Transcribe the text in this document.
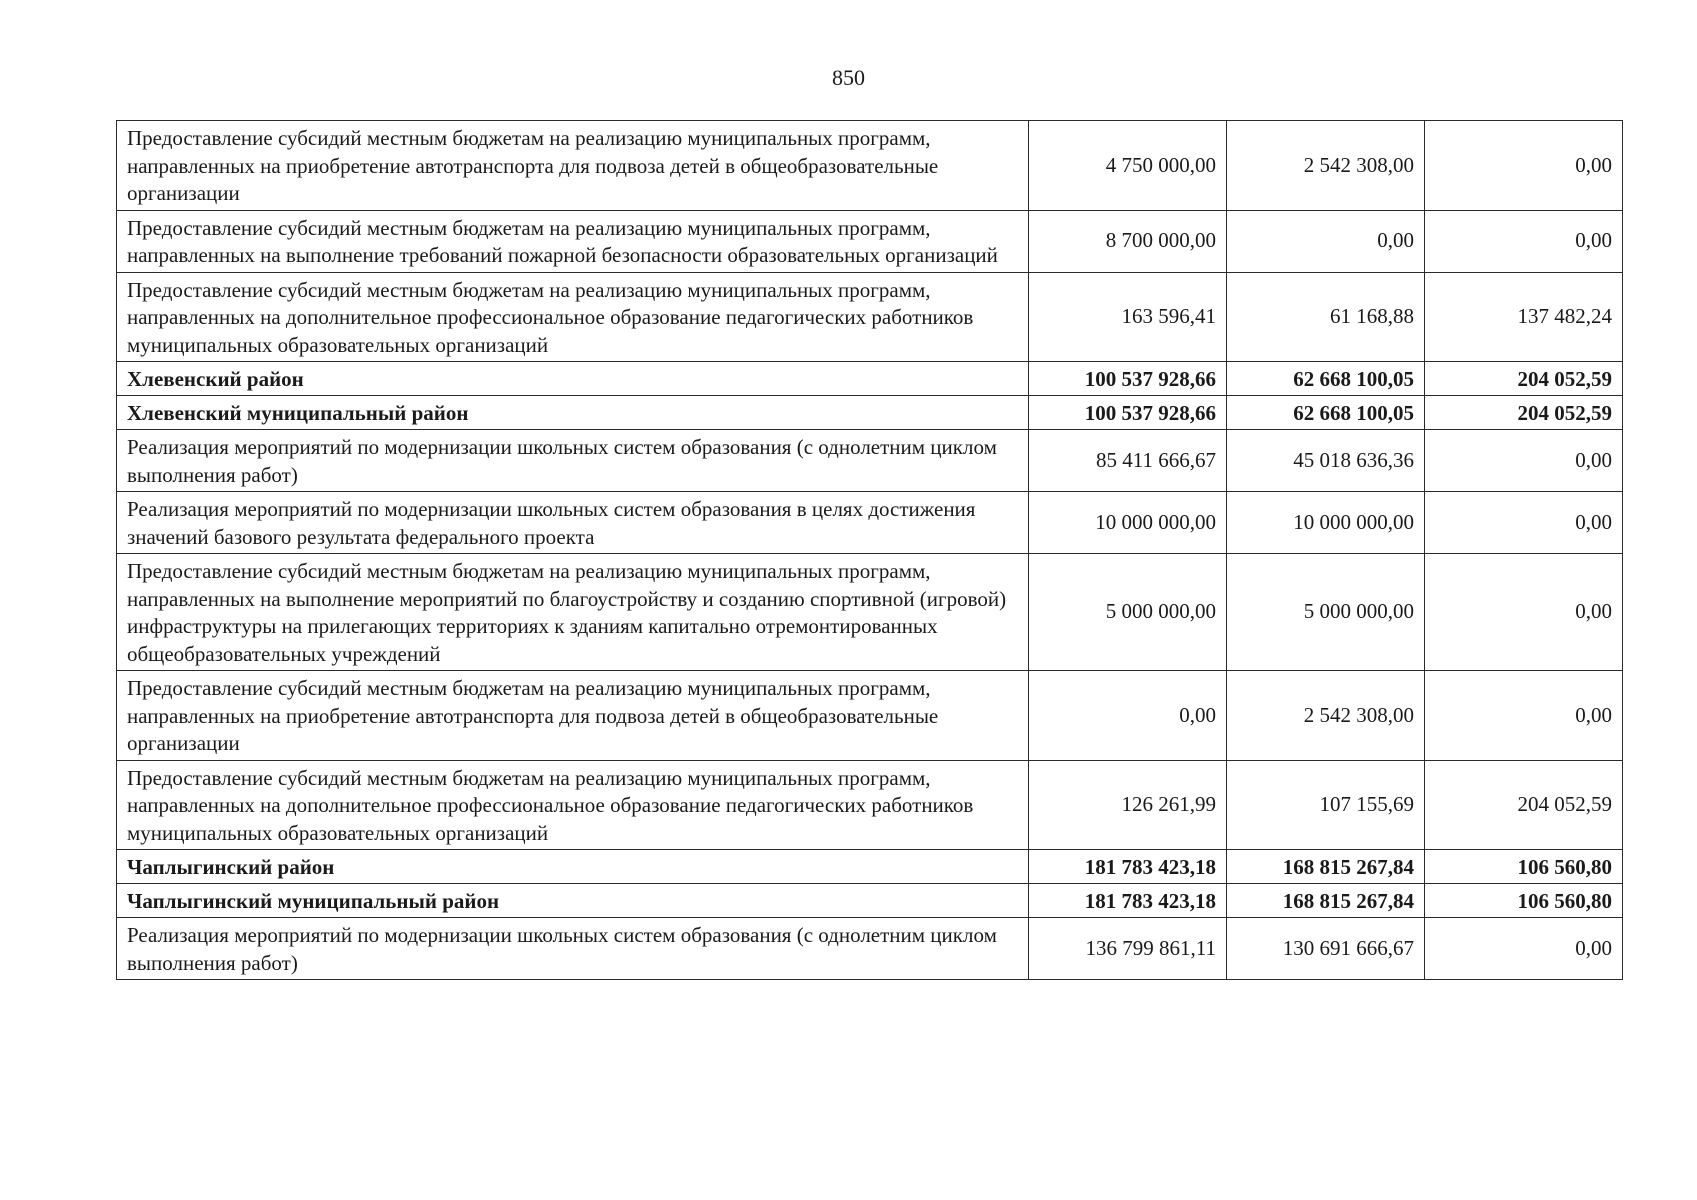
850
Предоставление субсидий местным бюджетам на реализацию муниципальных программ, направленных на приобретение автотранспорта для подвоза детей в общеобразовательные организации	4 750 000,00	2 542 308,00	0,00
Предоставление субсидий местным бюджетам на реализацию муниципальных программ, направленных на выполнение требований пожарной безопасности образовательных организаций	8 700 000,00	0,00	0,00
Предоставление субсидий местным бюджетам на реализацию муниципальных программ, направленных на дополнительное профессиональное образование педагогических работников муниципальных образовательных организаций	163 596,41	61 168,88	137 482,24
Хлевенский район	100 537 928,66	62 668 100,05	204 052,59
Хлевенский муниципальный район	100 537 928,66	62 668 100,05	204 052,59
Реализация мероприятий по модернизации школьных систем образования (с однолетним циклом выполнения работ)	85 411 666,67	45 018 636,36	0,00
Реализация мероприятий по модернизации школьных систем образования в целях достижения значений базового результата федерального проекта	10 000 000,00	10 000 000,00	0,00
Предоставление субсидий местным бюджетам на реализацию муниципальных программ, направленных на выполнение мероприятий по благоустройству и созданию спортивной (игровой) инфраструктуры на прилегающих территориях к зданиям капитально отремонтированных общеобразовательных учреждений	5 000 000,00	5 000 000,00	0,00
Предоставление субсидий местным бюджетам на реализацию муниципальных программ, направленных на приобретение автотранспорта для подвоза детей в общеобразовательные организации	0,00	2 542 308,00	0,00
Предоставление субсидий местным бюджетам на реализацию муниципальных программ, направленных на дополнительное профессиональное образование педагогических работников муниципальных образовательных организаций	126 261,99	107 155,69	204 052,59
Чаплыгинский район	181 783 423,18	168 815 267,84	106 560,80
Чаплыгинский муниципальный район	181 783 423,18	168 815 267,84	106 560,80
Реализация мероприятий по модернизации школьных систем образования (с однолетним циклом выполнения работ)	136 799 861,11	130 691 666,67	0,00
